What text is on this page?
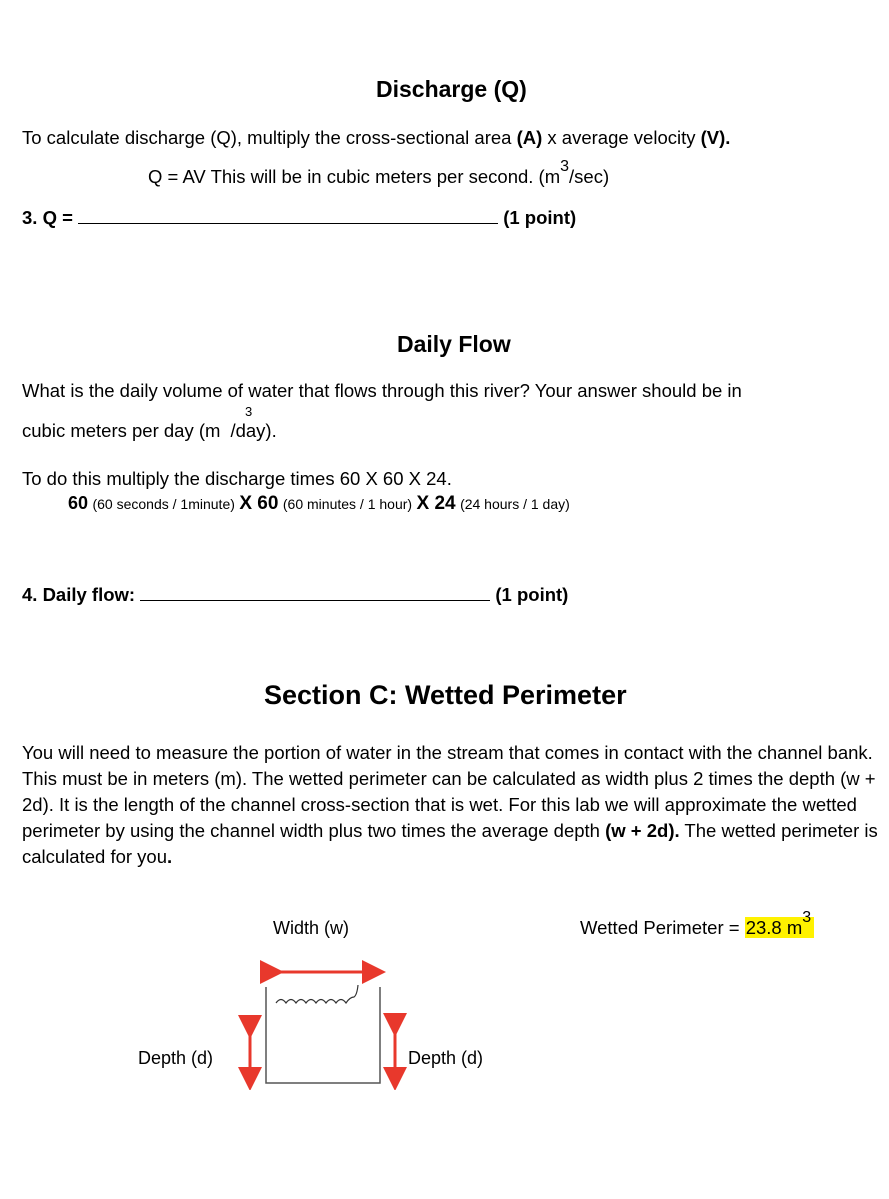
Discharge (Q)
To calculate discharge (Q), multiply the cross-sectional area (A) x average velocity (V).
Q = AV This will be in cubic meters per second. (m3/sec)
3. Q =	(1 point)
Daily Flow
What is the daily volume of water that flows through this river? Your answer should be in
3
cubic meters per day (m /day).
To do this multiply the discharge times 60 X 60 X 24.
60 (60 seconds / 1minute) X 60 (60 minutes / 1 hour) X 24 (24 hours / 1 day)
4. Daily flow:	(1 point)
Section C: Wetted Perimeter
You will need to measure the portion of water in the stream that comes in contact with the channel bank. This must be in meters (m). The wetted perimeter can be calculated as width plus 2 times the depth (w + 2d). It is the length of the channel cross-section that is wet. For this lab we will approximate the wetted perimeter by using the channel width plus two times the average depth (w + 2d). The wetted perimeter is calculated for you.
Width (w)
Depth (d)	Depth (d)
Wetted Perimeter = 23.8 m3
